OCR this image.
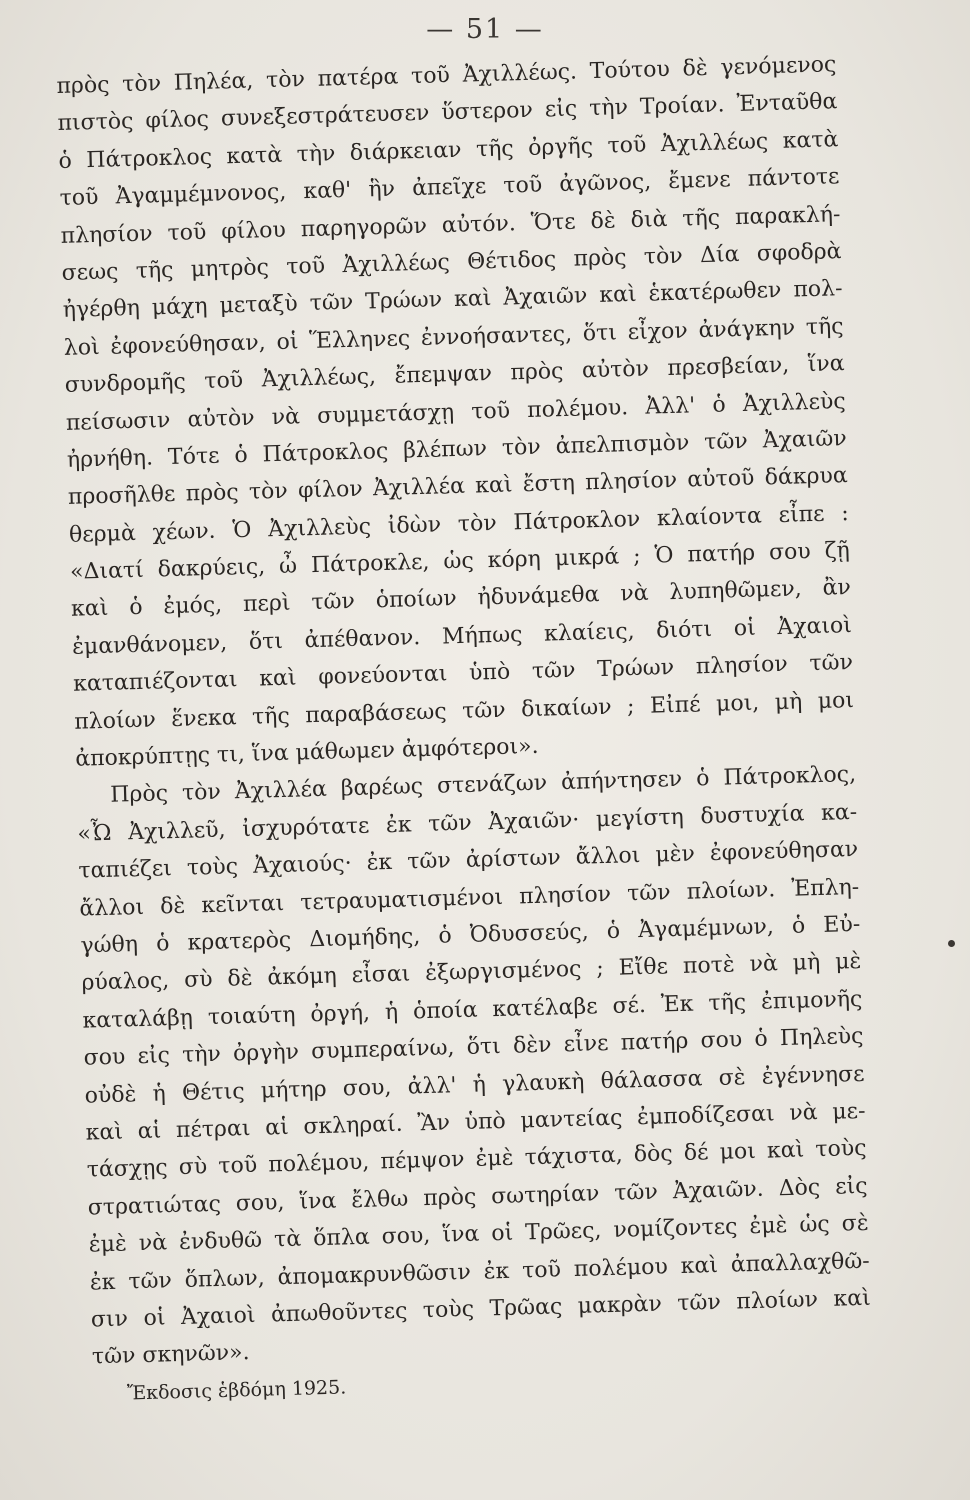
— 51 —
πρὸς τὸν Πηλέα, τὸν πατέρα τοῦ Ἀχιλλέως. Τούτου δὲ γενόμενος
πιστὸς φίλος συνεξεστράτευσεν ὕστερον εἰς τὴν Τροίαν. Ἐνταῦθα
ὁ Πάτροκλος κατὰ τὴν διάρκειαν τῆς ὀργῆς τοῦ Ἀχιλλέως κατὰ
τοῦ Ἀγαμμέμνονος, καθ' ἣν ἀπεῖχε τοῦ ἀγῶνος, ἔμενε πάντοτε
πλησίον τοῦ φίλου παρηγορῶν αὐτόν. Ὅτε δὲ διὰ τῆς παρακλή-
σεως τῆς μητρὸς τοῦ Ἀχιλλέως Θέτιδος πρὸς τὸν Δία σφοδρὰ
ἠγέρθη μάχη μεταξὺ τῶν Τρώων καὶ Ἀχαιῶν καὶ ἑκατέρωθεν πολ-
λοὶ ἐφονεύθησαν, οἱ Ἕλληνες ἐννοήσαντες, ὅτι εἶχον ἀνάγκην τῆς
συνδρομῆς τοῦ Ἀχιλλέως, ἔπεμψαν πρὸς αὐτὸν πρεσβείαν, ἵνα
πείσωσιν αὐτὸν νὰ συμμετάσχῃ τοῦ πολέμου. Ἀλλ' ὁ Ἀχιλλεὺς
ἠρνήθη. Τότε ὁ Πάτροκλος βλέπων τὸν ἀπελπισμὸν τῶν Ἀχαιῶν
προσῆλθε πρὸς τὸν φίλον Ἀχιλλέα καὶ ἔστη πλησίον αὐτοῦ δάκρυα
θερμὰ χέων. Ὁ Ἀχιλλεὺς ἰδὼν τὸν Πάτροκλον κλαίοντα εἶπε :
«Διατί δακρύεις, ὦ Πάτροκλε, ὡς κόρη μικρά ; Ὁ πατήρ σου ζῇ
καὶ ὁ ἐμός, περὶ τῶν ὁποίων ἠδυνάμεθα νὰ λυπηθῶμεν, ἂν
ἐμανθάνομεν, ὅτι ἀπέθανον. Μήπως κλαίεις, διότι οἱ Ἀχαιοὶ
καταπιέζονται καὶ φονεύονται ὑπὸ τῶν Τρώων πλησίον τῶν
πλοίων ἕνεκα τῆς παραβάσεως τῶν δικαίων ; Εἰπέ μοι, μὴ μοι
ἀποκρύπτῃς τι, ἵνα μάθωμεν ἀμφότεροι».
Πρὸς τὸν Ἀχιλλέα βαρέως στενάζων ἀπήντησεν ὁ Πάτροκλος,
«Ὦ Ἀχιλλεῦ, ἰσχυρότατε ἐκ τῶν Ἀχαιῶν· μεγίστη δυστυχία κα-
ταπιέζει τοὺς Ἀχαιούς· ἐκ τῶν ἀρίστων ἄλλοι μὲν ἐφονεύθησαν
ἄλλοι δὲ κεῖνται τετραυματισμένοι πλησίον τῶν πλοίων. Ἐπλη-
γώθη ὁ κρατερὸς Διομήδης, ὁ Ὀδυσσεύς, ὁ Ἀγαμέμνων, ὁ Εὐ-
ρύαλος, σὺ δὲ ἀκόμη εἶσαι ἐξωργισμένος ; Εἴθε ποτὲ νὰ μὴ μὲ
καταλάβῃ τοιαύτη ὀργή, ἡ ὁποία κατέλαβε σέ. Ἐκ τῆς ἐπιμονῆς
σου εἰς τὴν ὀργὴν συμπεραίνω, ὅτι δὲν εἶνε πατήρ σου ὁ Πηλεὺς
οὐδὲ ἡ Θέτις μήτηρ σου, ἀλλ' ἡ γλαυκὴ θάλασσα σὲ ἐγέννησε
καὶ αἱ πέτραι αἱ σκληραί. Ἂν ὑπὸ μαντείας ἐμποδίζεσαι νὰ με-
τάσχῃς σὺ τοῦ πολέμου, πέμψον ἐμὲ τάχιστα, δὸς δέ μοι καὶ τοὺς
στρατιώτας σου, ἵνα ἔλθω πρὸς σωτηρίαν τῶν Ἀχαιῶν. Δὸς εἰς
ἐμὲ νὰ ἐνδυθῶ τὰ ὅπλα σου, ἵνα οἱ Τρῶες, νομίζοντες ἐμὲ ὡς σὲ
ἐκ τῶν ὅπλων, ἀπομακρυνθῶσιν ἐκ τοῦ πολέμου καὶ ἀπαλλαχθῶ-
σιν οἱ Ἀχαιοὶ ἀπωθοῦντες τοὺς Τρῶας μακρὰν τῶν πλοίων καὶ
τῶν σκηνῶν».
Ἔκδοσις ἑβδόμη 1925.
